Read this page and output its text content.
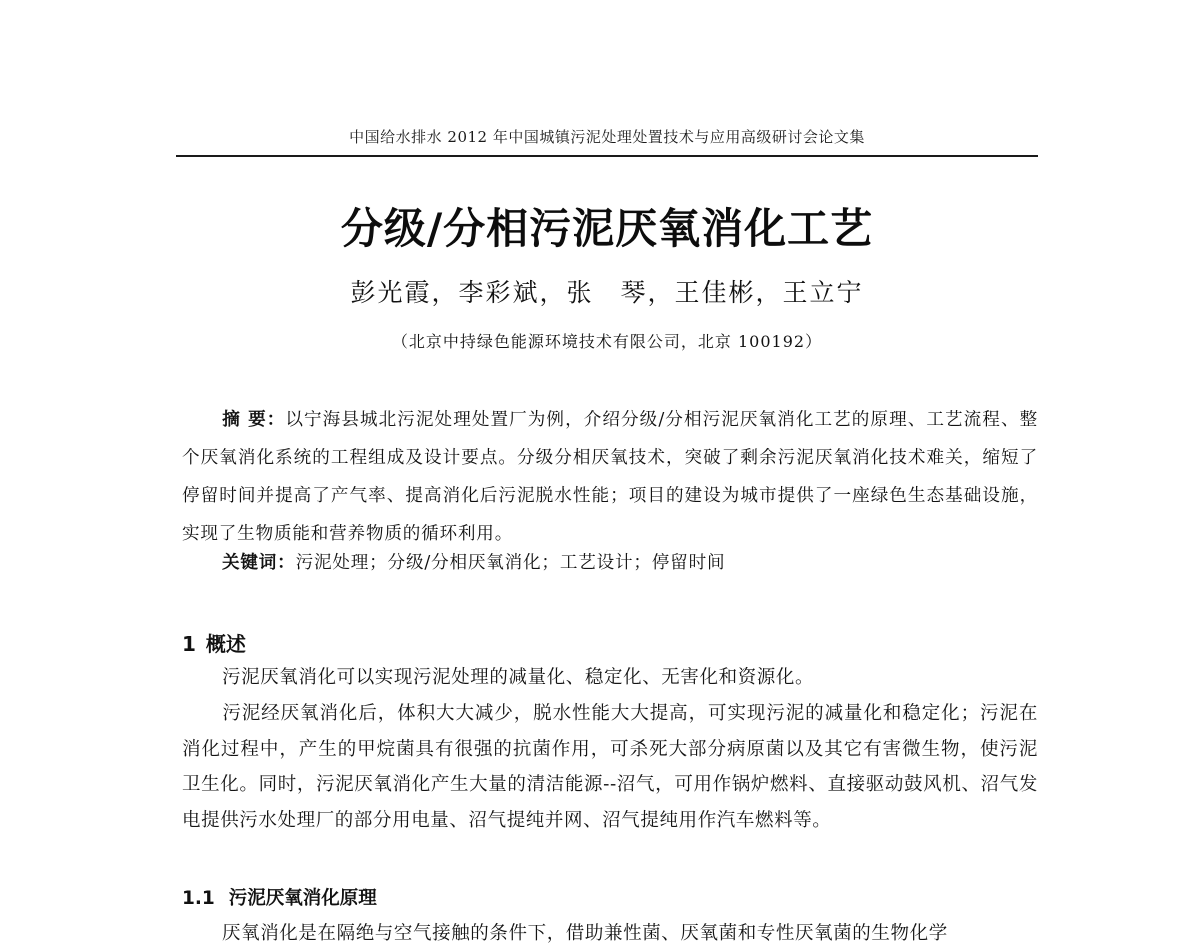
中国给水排水 2012 年中国城镇污泥处理处置技术与应用高级研讨会论文集
分级/分相污泥厌氧消化工艺
彭光霞，李彩斌，张　琴，王佳彬，王立宁
（北京中持绿色能源环境技术有限公司，北京 100192）
摘 要：以宁海县城北污泥处理处置厂为例，介绍分级/分相污泥厌氧消化工艺的原理、工艺流程、整个厌氧消化系统的工程组成及设计要点。分级分相厌氧技术，突破了剩余污泥厌氧消化技术难关，缩短了停留时间并提高了产气率、提高消化后污泥脱水性能；项目的建设为城市提供了一座绿色生态基础设施，实现了生物质能和营养物质的循环利用。
关键词：污泥处理；分级/分相厌氧消化；工艺设计；停留时间
1 概述
污泥厌氧消化可以实现污泥处理的减量化、稳定化、无害化和资源化。
污泥经厌氧消化后，体积大大减少，脱水性能大大提高，可实现污泥的减量化和稳定化；污泥在消化过程中，产生的甲烷菌具有很强的抗菌作用，可杀死大部分病原菌以及其它有害微生物，使污泥卫生化。同时，污泥厌氧消化产生大量的清洁能源--沼气，可用作锅炉燃料、直接驱动鼓风机、沼气发电提供污水处理厂的部分用电量、沼气提纯并网、沼气提纯用作汽车燃料等。
1.1 污泥厌氧消化原理
厌氧消化是在隔绝与空气接触的条件下，借助兼性菌、厌氧菌和专性厌氧菌的生物化学
